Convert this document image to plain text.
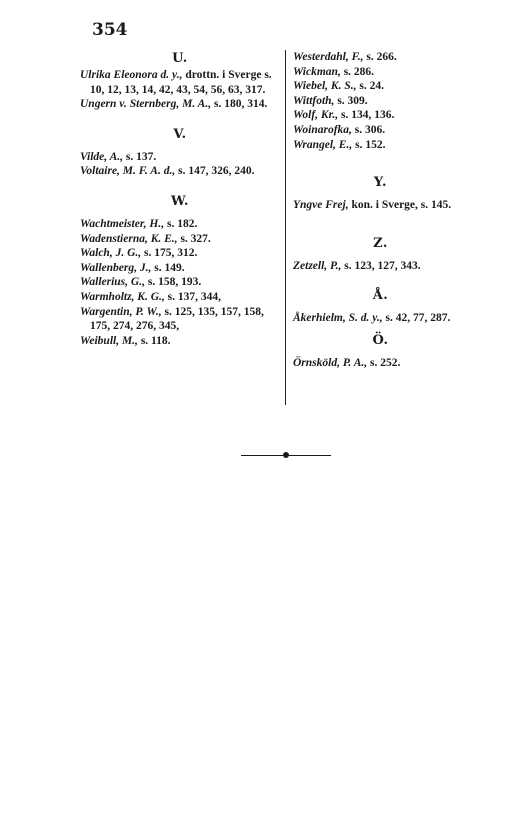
354
U.

Ulrika Eleonora d. y., drottn. i Sverge s. 10, 12, 13, 14, 42, 43, 54, 56, 63, 317.

Ungern v. Sternberg, M. A., s. 180, 314.

V.

Vilde, A., s. 137.

Voltaire, M. F. A. d., s. 147, 326, 240.

W.

Wachtmeister, H., s. 182.

Wadenstierna, K. E., s. 327.

Walch, J. G., s. 175, 312.

Wallenberg, J., s. 149.

Wallerius, G., s. 158, 193.

Warmholtz, K. G., s. 137, 344,

Wargentin, P. W., s. 125, 135, 157, 158, 175, 274, 276, 345,

Weibull, M., s. 118.

Westerdahl, F., s. 266.

Wickman, s. 286.

Wiebel, K. S., s. 24.

Wittfoth, s. 309.

Wolf, Kr., s. 134, 136.

Woinarofka, s. 306.

Wrangel, E., s. 152.

Y.

Yngve Frej, kon. i Sverge, s. 145.

Z.

Zetzell, P., s. 123, 127, 343.

Å.

Åkerhielm, S. d. y., s. 42, 77, 287.

Ö.

Örnsköld, P. A., s. 252.
